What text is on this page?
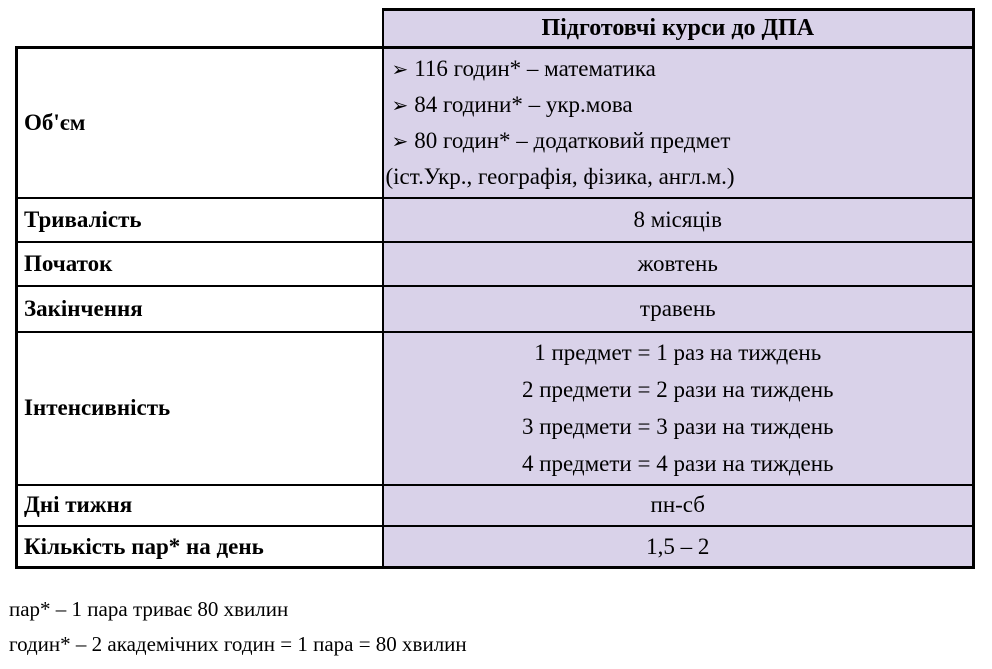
	Підготовчі курси до ДПА
Об'єм	➢ 116 годин* – математика
➢ 84 години* – укр.мова
➢ 80 годин* – додатковий предмет
(іст.Укр., географія, фізика, англ.м.)

Тривалість	8 місяців
Початок	жовтень
Закінчення	травень
Інтенсивність	1 предмет = 1 раз на тиждень
2 предмети = 2 рази на тиждень
3 предмети = 3 рази на тиждень
4 предмети = 4 рази на тиждень

Дні тижня	пн-сб
Кількість пар* на день	1,5 – 2
пар* – 1 пара триває 80 хвилин
годин* – 2 академічних годин = 1 пара = 80 хвилин
